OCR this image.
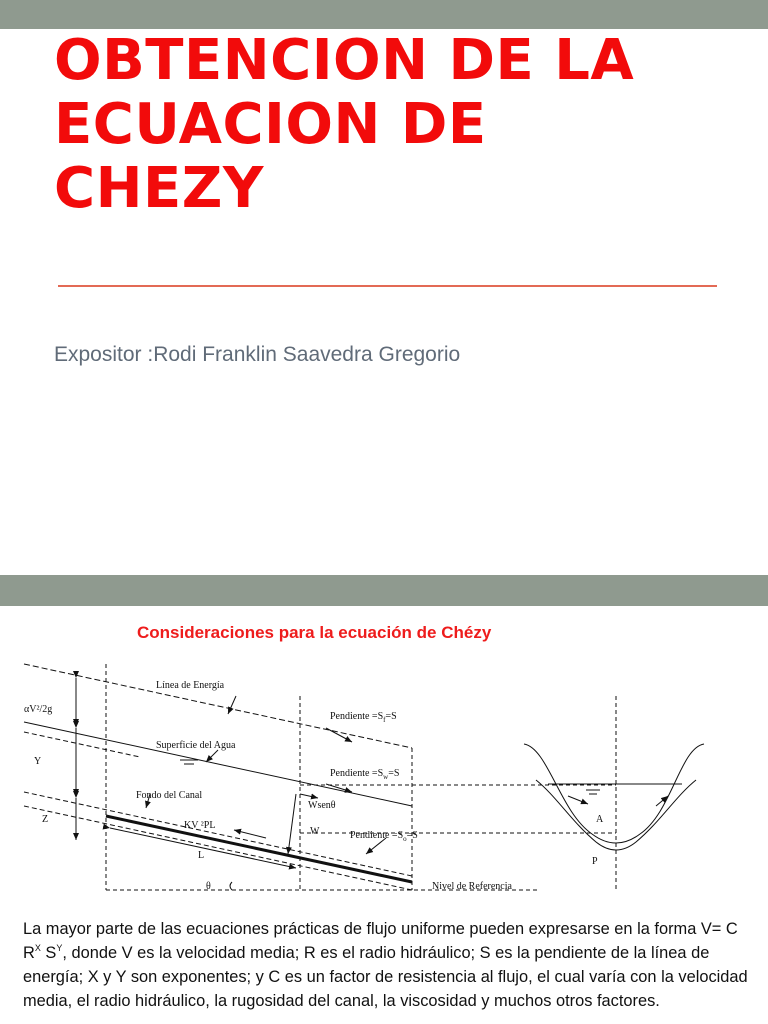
OBTENCION DE LA
ECUACION DE
CHEZY
Expositor :Rodi Franklin Saavedra Gregorio
Consideraciones para la ecuación de Chézy
Línea de Energía
Superficie del Agua
Fondo del Canal
Pendiente $=S_f=S$
Pendiente $=S_w=S$
Pendiente $=S_o=S$
αV²/2g
Y
Z
KV ²PL
L
W
Wsenθ
θ	Nivel de Referencia
A
P

La mayor parte de las ecuaciones prácticas de flujo uniforme pueden expresarse en la forma V= C $R^X$ $S^Y$, donde V es la velocidad media; R es el radio hidráulico; S es la pendiente de la línea de energía; X y Y son exponentes; y C es un factor de resistencia al flujo, el cual varía con la velocidad media, el radio hidráulico, la rugosidad del canal, la viscosidad y muchos otros factores.
